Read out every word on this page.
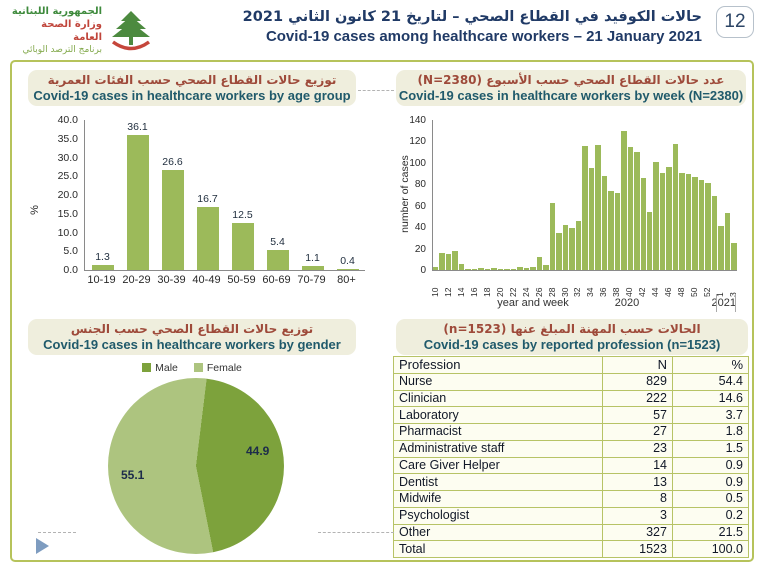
الجمهورية اللبنانية
وزارة الصحة العامة
برنامج الترصد الوبائي
حالات الكوفيد في القطاع الصحي – لتاريخ 21 كانون الثاني 2021
Covid-19 cases among healthcare workers – 21 January 2021
12
توزيع حالات القطاع الصحي حسب الفئات العمرية
Covid-19 cases in healthcare workers by age group
عدد حالات القطاع الصحي حسب الأسبوع (N=2380)
Covid-19 cases in healthcare workers by week (N=2380)
توزيع حالات القطاع الصحي حسب الجنس
Covid-19 cases in healthcare workers by gender
الحالات حسب المهنة المبلغ عنها (n=1523)
Covid-19 cases by reported profession (n=1523)
%
1.3
36.1
26.6
16.7
12.5
5.4
1.1 0.4
10-19 20-29 30-39 40-49 50-59 60-69 70-79	80+
40.0
35.0
30.0
25.0
20.0
15.0
10.0
5.0
0.0
number of cases
10 12 14 16 18 20 22 24 26 28 30 32 34 36 38 40 42 44 46 48 50 52 1 3
year and week	2020	2021
140
120
100
80
60
40
20
0
Male	Female
44.9
55.1
Profession	N	%
Nurse	829	54.4
Clinician	222	14.6
Laboratory	57	3.7
Pharmacist	27	1.8
Administrative staff	23	1.5
Care Giver Helper	14	0.9
Dentist	13	0.9
Midwife	8	0.5
Psychologist	3	0.2
Other	327	21.5
Total	1523	100.0
